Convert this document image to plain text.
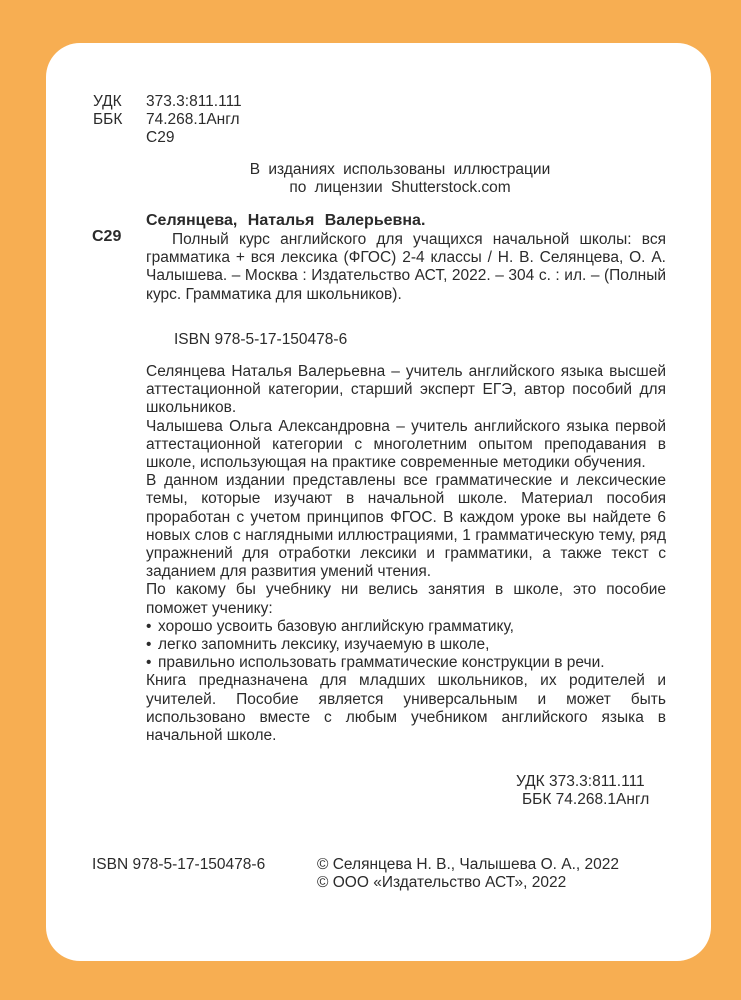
УДК 373.3:811.111
ББК 74.268.1Англ
С29
В изданиях использованы иллюстрации
по лицензии Shutterstock.com
Селянцева, Наталья Валерьевна.
С29	Полный курс английского для учащихся начальной школы: вся грамматика + вся лексика (ФГОС) 2-4 классы / Н. В. Селянцева, О. А. Чалышева. – Москва : Издательство АСТ, 2022. – 304 с. : ил. – (Полный курс. Грамматика для школьников).
ISBN 978-5-17-150478-6

Селянцева Наталья Валерьевна – учитель английского языка высшей аттестационной категории, старший эксперт ЕГЭ, автор пособий для школьников.

Чалышева Ольга Александровна – учитель английского языка первой аттестационной категории с многолетним опытом преподавания в школе, использующая на практике современные методики обучения.

В данном издании представлены все грамматические и лексические темы, которые изучают в начальной школе. Материал пособия проработан с учетом принципов ФГОС. В каждом уроке вы найдете 6 новых слов с наглядными иллюстрациями, 1 грамматическую тему, ряд упражнений для отработки лексики и грамматики, а также текст с заданием для развития умений чтения.

По какому бы учебнику ни велись занятия в школе, это пособие поможет ученику:

• хорошо усвоить базовую английскую грамматику,
• легко запомнить лексику, изучаемую в школе,
• правильно использовать грамматические конструкции в речи.

Книга предназначена для младших школьников, их родителей и учителей. Пособие является универсальным и может быть использовано вместе с любым учебником английского языка в начальной школе.

УДК 373.3:811.111
ББК 74.268.1Англ
ISBN 978-5-17-150478-6	© Селянцева Н. В., Чалышева О. А., 2022
© ООО «Издательство АСТ», 2022
